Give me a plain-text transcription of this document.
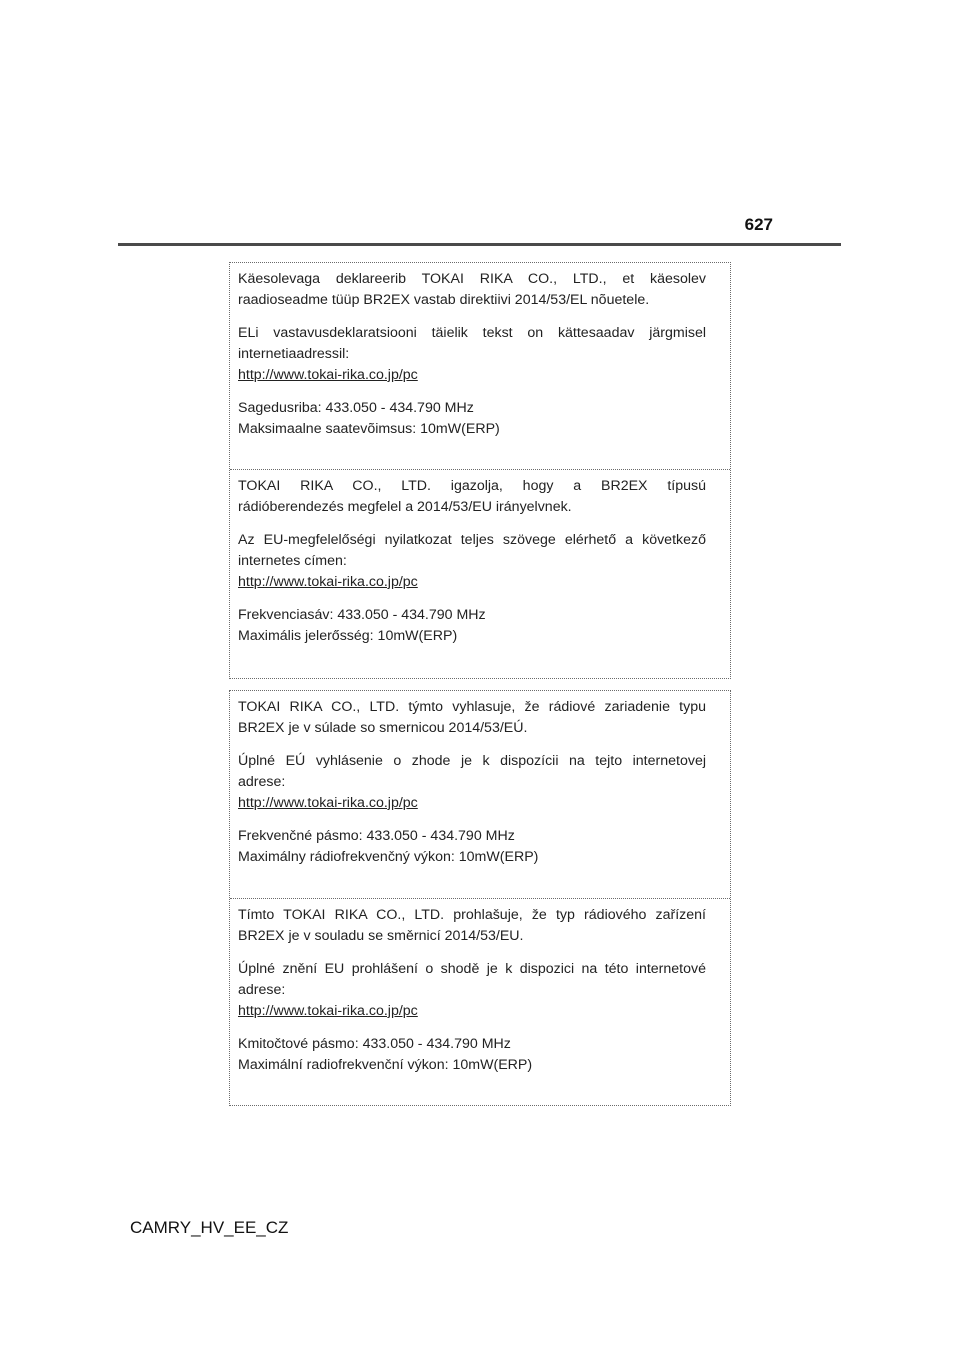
627

Käesolevaga deklareerib TOKAI RIKA CO., LTD., et käesolev

raadioseadme tüüp BR2EX vastab direktiivi 2014/53/EL nõuetele.

ELi vastavusdeklaratsiooni täielik tekst on kättesaadav järgmisel

internetiaadressil:

http://www.tokai-rika.co.jp/pc

Sagedusriba: 433.050 - 434.790 MHz

Maksimaalne saatevõimsus: 10mW(ERP)

TOKAI RIKA CO., LTD. igazolja, hogy a BR2EX típusú

rádióberendezés megfelel a 2014/53/EU irányelvnek.

Az EU-megfelelőségi nyilatkozat teljes szövege elérhető a következő

internetes címen:

http://www.tokai-rika.co.jp/pc

Frekvenciasáv: 433.050 - 434.790 MHz

Maximális jelerősség: 10mW(ERP)

TOKAI RIKA CO., LTD. týmto vyhlasuje, že rádiové zariadenie typu

BR2EX je v súlade so smernicou 2014/53/EÚ.

Úplné EÚ vyhlásenie o zhode je k dispozícii na tejto internetovej

adrese:

http://www.tokai-rika.co.jp/pc

Frekvenčné pásmo: 433.050 - 434.790 MHz

Maximálny rádiofrekvenčný výkon: 10mW(ERP)

Tímto TOKAI RIKA CO., LTD. prohlašuje, že typ rádiového zařízení

BR2EX je v souladu se směrnicí 2014/53/EU.

Úplné znění EU prohlášení o shodě je k dispozici na této internetové

adrese:

http://www.tokai-rika.co.jp/pc

Kmitočtové pásmo: 433.050 - 434.790 MHz

Maximální radiofrekvenční výkon: 10mW(ERP)

CAMRY_HV_EE_CZ
